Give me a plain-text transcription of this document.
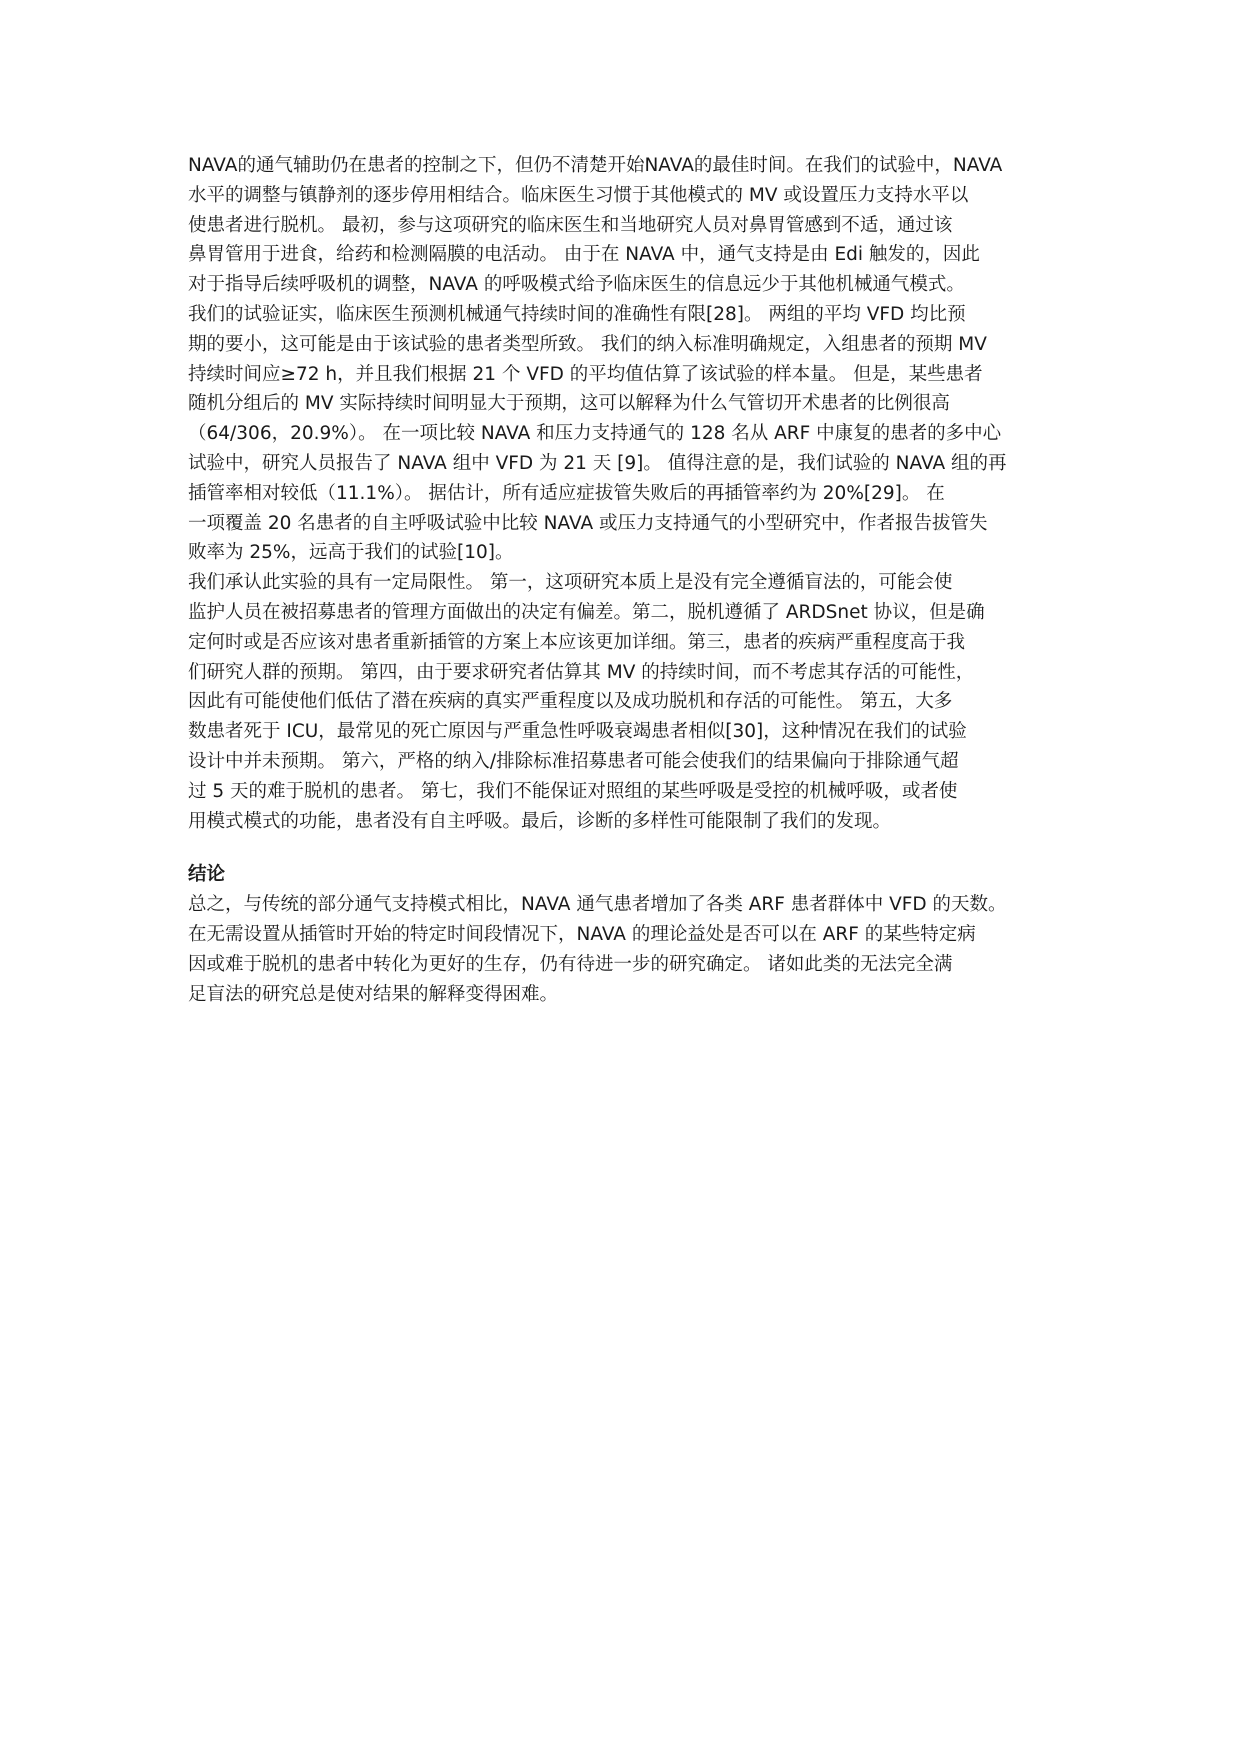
NAVA的通气辅助仍在患者的控制之下，但仍不清楚开始NAVA的最佳时间。在我们的试验中，NAVA
水平的调整与镇静剂的逐步停用相结合。临床医生习惯于其他模式的 MV 或设置压力支持水平以
使患者进行脱机。 最初，参与这项研究的临床医生和当地研究人员对鼻胃管感到不适，通过该
鼻胃管用于进食，给药和检测隔膜的电活动。 由于在 NAVA 中，通气支持是由 Edi 触发的，因此
对于指导后续呼吸机的调整，NAVA 的呼吸模式给予临床医生的信息远少于其他机械通气模式。
我们的试验证实，临床医生预测机械通气持续时间的准确性有限[28]。 两组的平均 VFD 均比预
期的要小，这可能是由于该试验的患者类型所致。 我们的纳入标准明确规定，入组患者的预期 MV
持续时间应≥72 h，并且我们根据 21 个 VFD 的平均值估算了该试验的样本量。 但是，某些患者
随机分组后的 MV 实际持续时间明显大于预期，这可以解释为什么气管切开术患者的比例很高
（64/306，20.9%）。 在一项比较 NAVA 和压力支持通气的 128 名从 ARF 中康复的患者的多中心
试验中，研究人员报告了 NAVA 组中 VFD 为 21 天 [9]。 值得注意的是，我们试验的 NAVA 组的再
插管率相对较低（11.1%）。 据估计，所有适应症拔管失败后的再插管率约为 20%[29]。 在
一项覆盖 20 名患者的自主呼吸试验中比较 NAVA 或压力支持通气的小型研究中，作者报告拔管失
败率为 25%，远高于我们的试验[10]。
我们承认此实验的具有一定局限性。 第一，这项研究本质上是没有完全遵循盲法的，可能会使
监护人员在被招募患者的管理方面做出的决定有偏差。第二，脱机遵循了 ARDSnet 协议，但是确
定何时或是否应该对患者重新插管的方案上本应该更加详细。第三，患者的疾病严重程度高于我
们研究人群的预期。 第四，由于要求研究者估算其 MV 的持续时间，而不考虑其存活的可能性，
因此有可能使他们低估了潜在疾病的真实严重程度以及成功脱机和存活的可能性。 第五，大多
数患者死于 ICU，最常见的死亡原因与严重急性呼吸衰竭患者相似[30]，这种情况在我们的试验
设计中并未预期。 第六，严格的纳入/排除标准招募患者可能会使我们的结果偏向于排除通气超
过 5 天的难于脱机的患者。 第七，我们不能保证对照组的某些呼吸是受控的机械呼吸，或者使
用模式模式的功能，患者没有自主呼吸。最后，诊断的多样性可能限制了我们的发现。
结论
总之，与传统的部分通气支持模式相比，NAVA 通气患者增加了各类 ARF 患者群体中 VFD 的天数。
在无需设置从插管时开始的特定时间段情况下，NAVA 的理论益处是否可以在 ARF 的某些特定病
因或难于脱机的患者中转化为更好的生存，仍有待进一步的研究确定。 诸如此类的无法完全满
足盲法的研究总是使对结果的解释变得困难。
